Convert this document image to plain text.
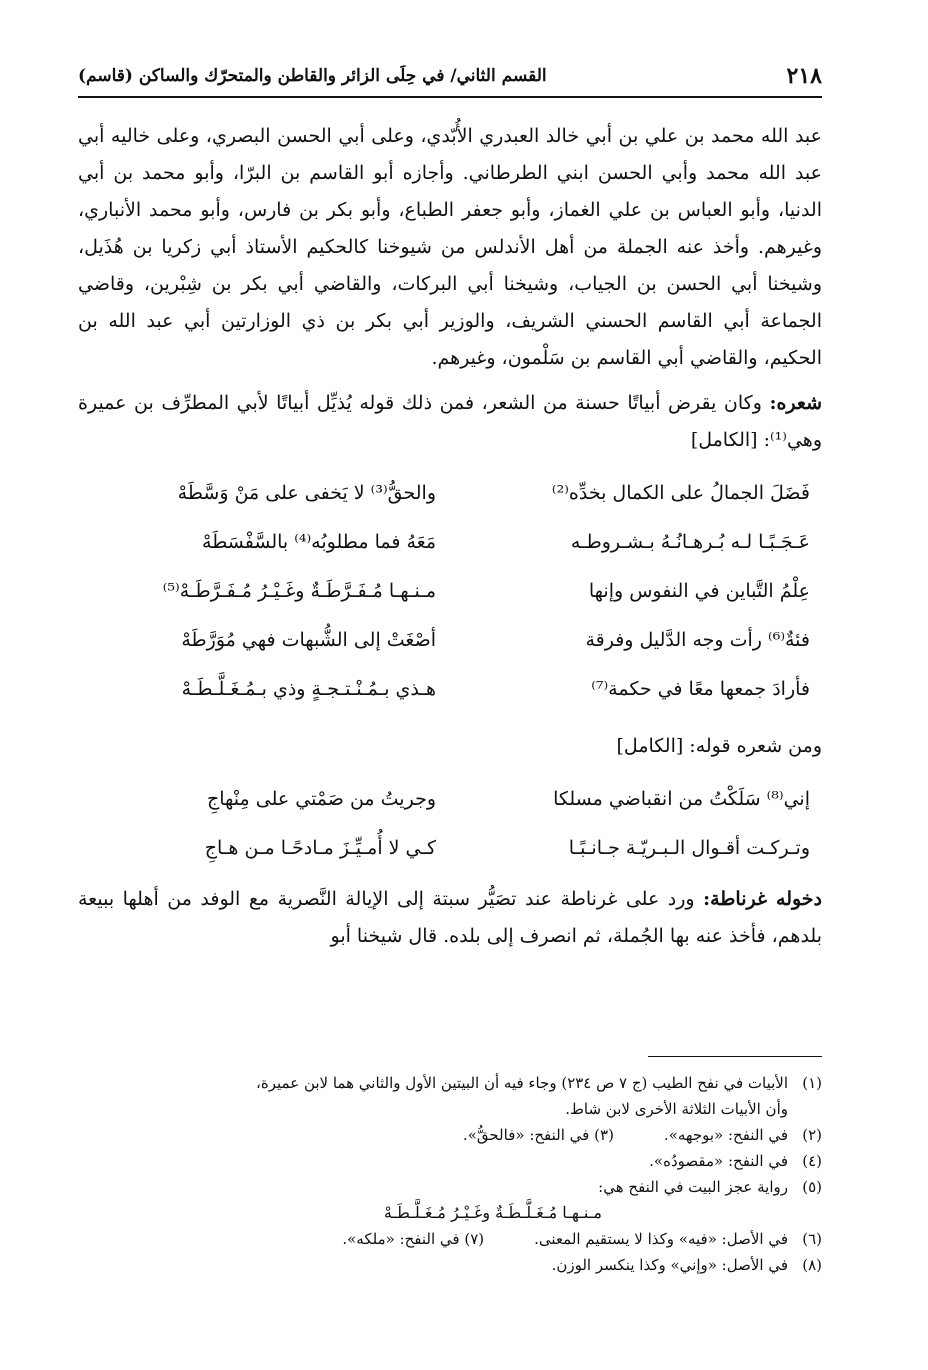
٢١٨
القسم الثاني/ في حِلَى الزائر والقاطن والمتحرّك والساكن (قاسم)

عبد الله محمد بن علي بن أبي خالد العبدري الأُبّدي، وعلى أبي الحسن البصري، وعلى خاليه أبي عبد الله محمد وأبي الحسن ابني الطرطاني. وأجازه أبو القاسم بن البرّا، وأبو محمد بن أبي الدنيا، وأبو العباس بن علي الغماز، وأبو جعفر الطباع، وأبو بكر بن فارس، وأبو محمد الأنباري، وغيرهم. وأخذ عنه الجملة من أهل الأندلس من شيوخنا كالحكيم الأستاذ أبي زكريا بن هُذَيل، وشيخنا أبي الحسن بن الجياب، وشيخنا أبي البركات، والقاضي أبي بكر بن شِبْرين، وقاضي الجماعة أبي القاسم الحسني الشريف، والوزير أبي بكر بن ذي الوزارتين أبي عبد الله بن الحكيم، والقاضي أبي القاسم بن سَلْمون، وغيرهم.

شعره: وكان يقرض أبياتًا حسنة من الشعر، فمن ذلك قوله يُذيِّل أبياتًا لأبي المطرِّف بن عميرة وهي⁽¹⁾: [الكامل]

فَضَلَ الجمالُ على الكمال بخدِّه⁽²⁾
والحقُّ⁽³⁾ لا يَخفى على مَنْ وَسَّطَهْ
عَـجَـبًـا لـه بُـرهـانُـهُ بـشـروطـه
مَعَهُ فما مطلوبُه⁽⁴⁾ بالسَّفْسَطَهْ
عِلْمُ التَّباين في النفوس وإنها
مـنـهـا مُـفَـرَّطَـةٌ وغَـيْـرُ مُـفَـرَّطَـهْ⁽⁵⁾
فئةٌ⁽⁶⁾ رأت وجه الدَّليل وفرقة
أصْغَتْ إلى الشُّبهات فهي مُوَرَّطَهْ
فأرادَ جمعها معًا في حكمة⁽⁷⁾
هـذي بـمُـنْـتـجـةٍ وذي بـمُـغَـلَّـطَـهْ

ومن شعره قوله: [الكامل]

إني⁽⁸⁾ سَلَكْتُ من انقباضي مسلكا
وجريتُ من صَمْتي على مِنْهاجِ
وتـركـت أقـوال الـبـريّـة جـانـبًـا
كـي لا أُمـيِّـزَ مـادحًـا مـن هـاجِ

دخوله غرناطة: ورد على غرناطة عند تصَيُّر سبتة إلى الإيالة النَّصرية مع الوفد من أهلها ببيعة بلدهم، فأخذ عنه بها الجُملة، ثم انصرف إلى بلده. قال شيخنا أبو

(١)
الأبيات في نفح الطيب (ج ٧ ص ٢٣٤) وجاء فيه أن البيتين الأول والثاني هما لابن عميرة،
وأن الأبيات الثلاثة الأخرى لابن شاط.
(٢)
في النفح: «بوجهه».
(٣) في النفح: «فالحقُّ».
(٤)
في النفح: «مقصودُه».
(٥)
رواية عجز البيت في النفح هي:
مـنـهـا مُـغَـلَّـطَـةٌ وغَـيْـرُ مُـغَـلَّـطَـهْ
(٦)
في الأصل: «فيه» وكذا لا يستقيم المعنى.
(٧) في النفح: «ملكه».
(٨)
في الأصل: «وإني» وكذا ينكسر الوزن.
